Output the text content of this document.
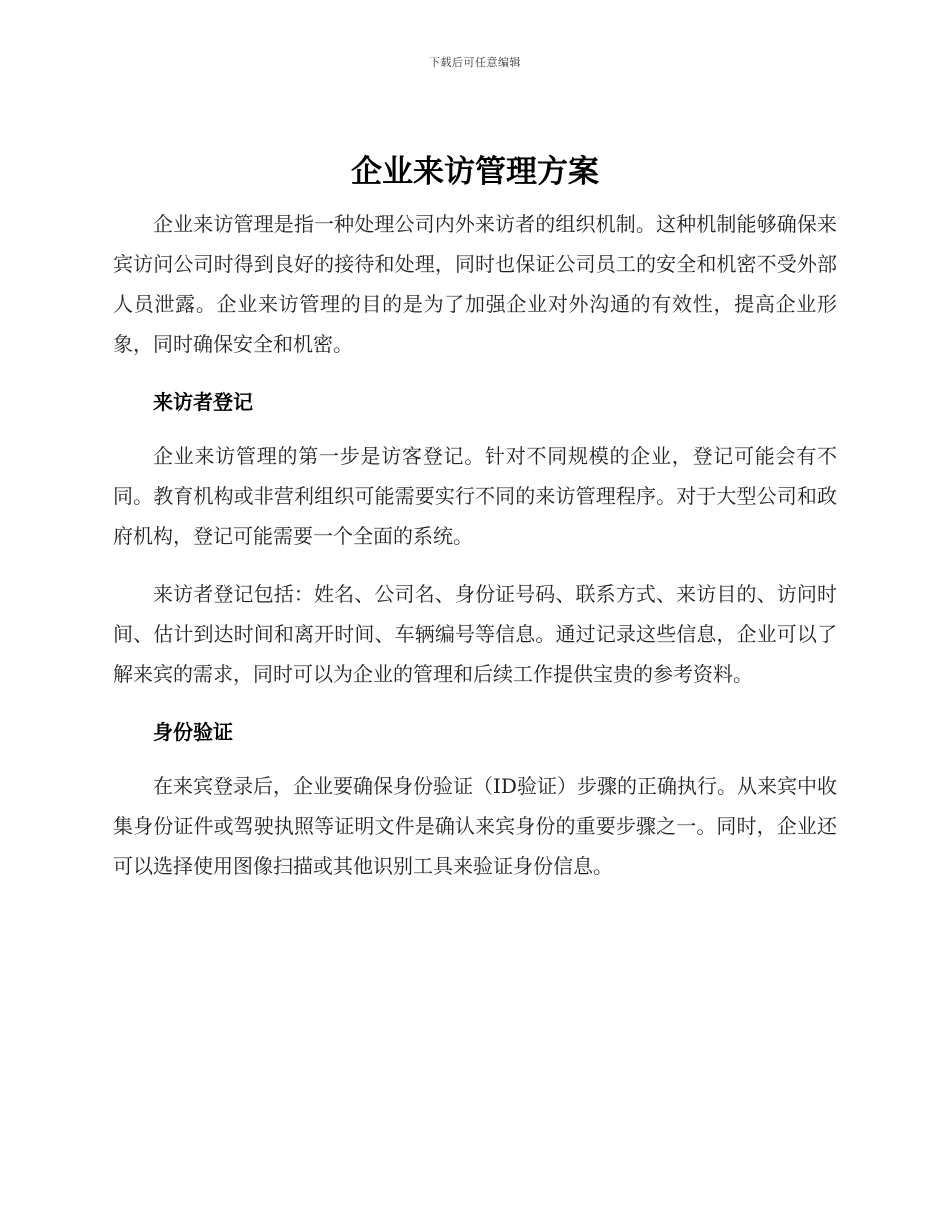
下载后可任意编辑
企业来访管理方案

企业来访管理是指一种处理公司内外来访者的组织机制。这种机制能够确保来宾访问公司时得到良好的接待和处理，同时也保证公司员工的安全和机密不受外部人员泄露。企业来访管理的目的是为了加强企业对外沟通的有效性，提高企业形象，同时确保安全和机密。

来访者登记

企业来访管理的第一步是访客登记。针对不同规模的企业，登记可能会有不同。教育机构或非营利组织可能需要实行不同的来访管理程序。对于大型公司和政府机构，登记可能需要一个全面的系统。

来访者登记包括：姓名、公司名、身份证号码、联系方式、来访目的、访问时间、估计到达时间和离开时间、车辆编号等信息。通过记录这些信息，企业可以了解来宾的需求，同时可以为企业的管理和后续工作提供宝贵的参考资料。

身份验证

在来宾登录后，企业要确保身份验证（ID验证）步骤的正确执行。从来宾中收集身份证件或驾驶执照等证明文件是确认来宾身份的重要步骤之一。同时，企业还可以选择使用图像扫描或其他识别工具来验证身份信息。
